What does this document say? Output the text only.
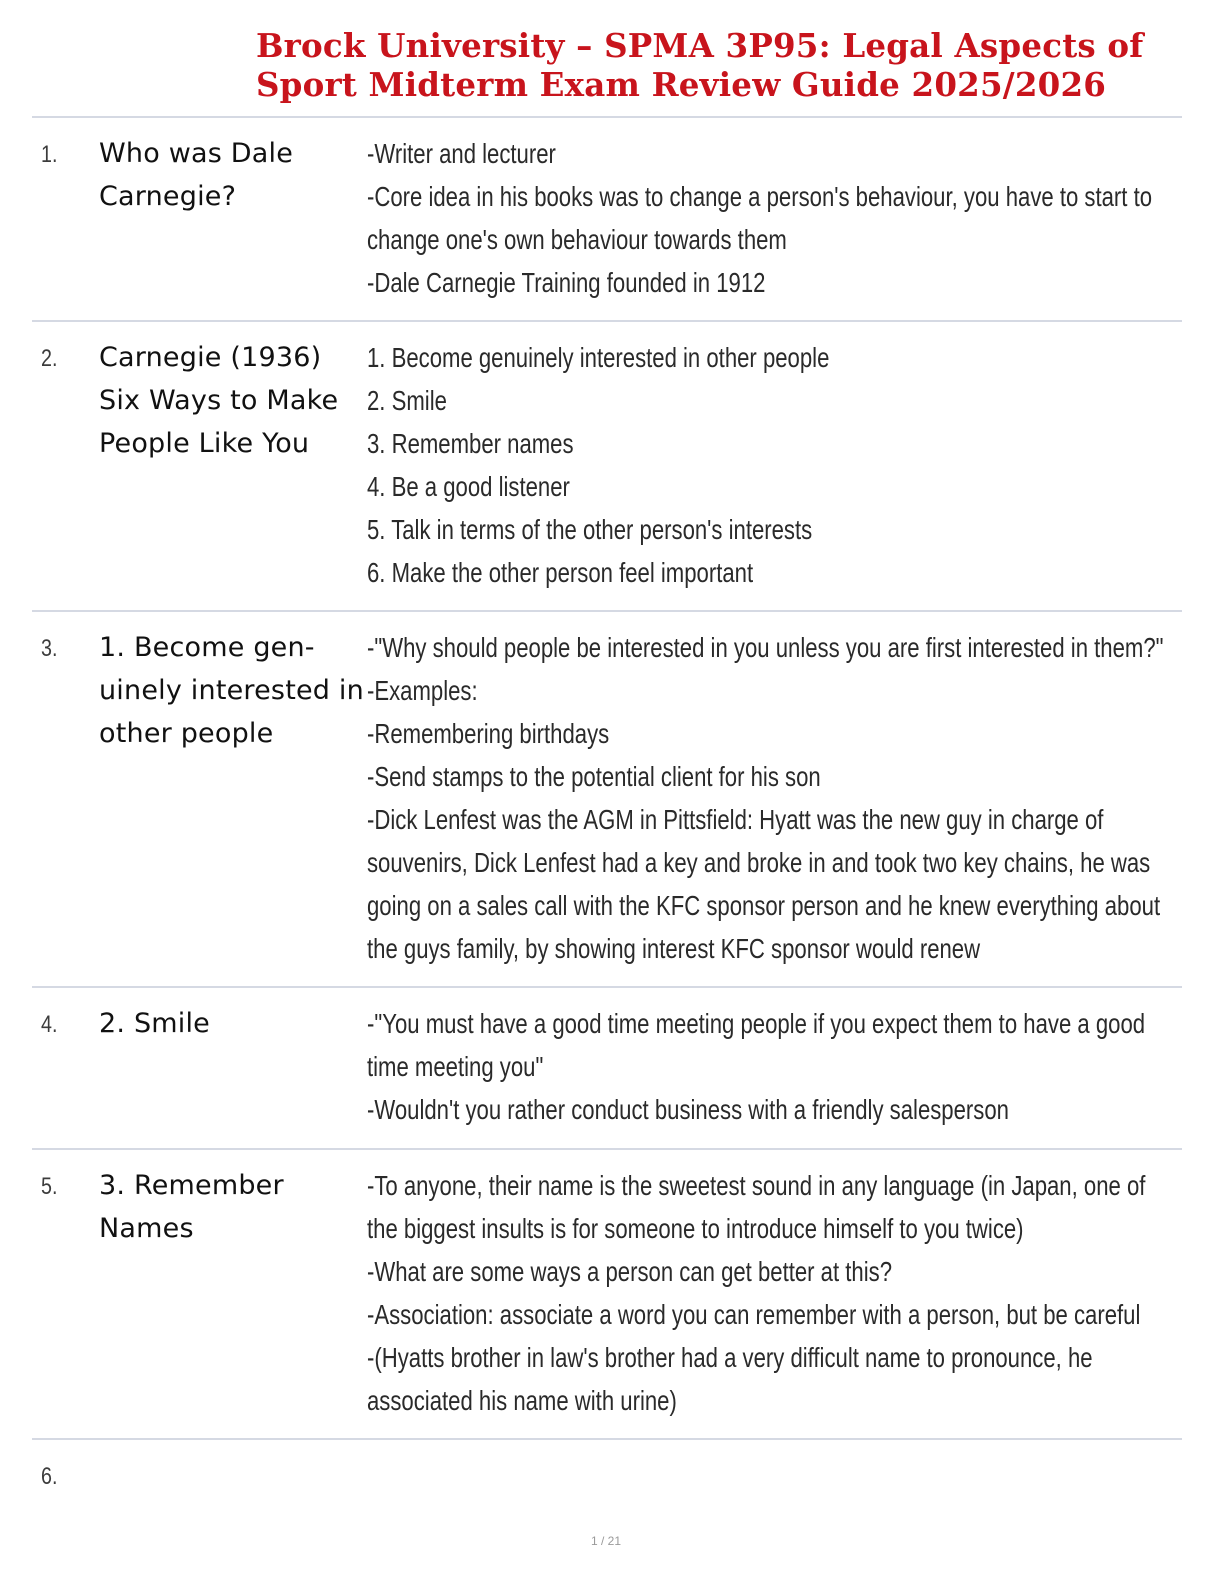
Brock University – SPMA 3P95: Legal Aspects of Sport Midterm Exam Review Guide 2025/2026
1. Who was Dale Carnegie?
-Writer and lecturer
-Core idea in his books was to change a person's behaviour, you have to start to
change one's own behaviour towards them
-Dale Carnegie Training founded in 1912
2. Carnegie (1936) Six Ways to Make People Like You
1. Become genuinely interested in other people
2. Smile
3. Remember names
4. Be a good listener
5. Talk in terms of the other person's interests
6. Make the other person feel important
3. 1. Become gen- uinely interested in other people
-"Why should people be interested in you unless you are first interested in them?"
-Examples:
-Remembering birthdays
-Send stamps to the potential client for his son
-Dick Lenfest was the AGM in Pittsfield: Hyatt was the new guy in charge of
souvenirs, Dick Lenfest had a key and broke in and took two key chains, he was
going on a sales call with the KFC sponsor person and he knew everything about
the guys family, by showing interest KFC sponsor would renew
4. 2. Smile	-"You must have a good time meeting people if you expect them to have a good
time meeting you"
-Wouldn't you rather conduct business with a friendly salesperson
5. 3. Remember Names
-To anyone, their name is the sweetest sound in any language (in Japan, one of
the biggest insults is for someone to introduce himself to you twice)
-What are some ways a person can get better at this?
-Association: associate a word you can remember with a person, but be careful
-(Hyatts brother in law's brother had a very difficult name to pronounce, he
associated his name with urine)
6.
1 / 21
